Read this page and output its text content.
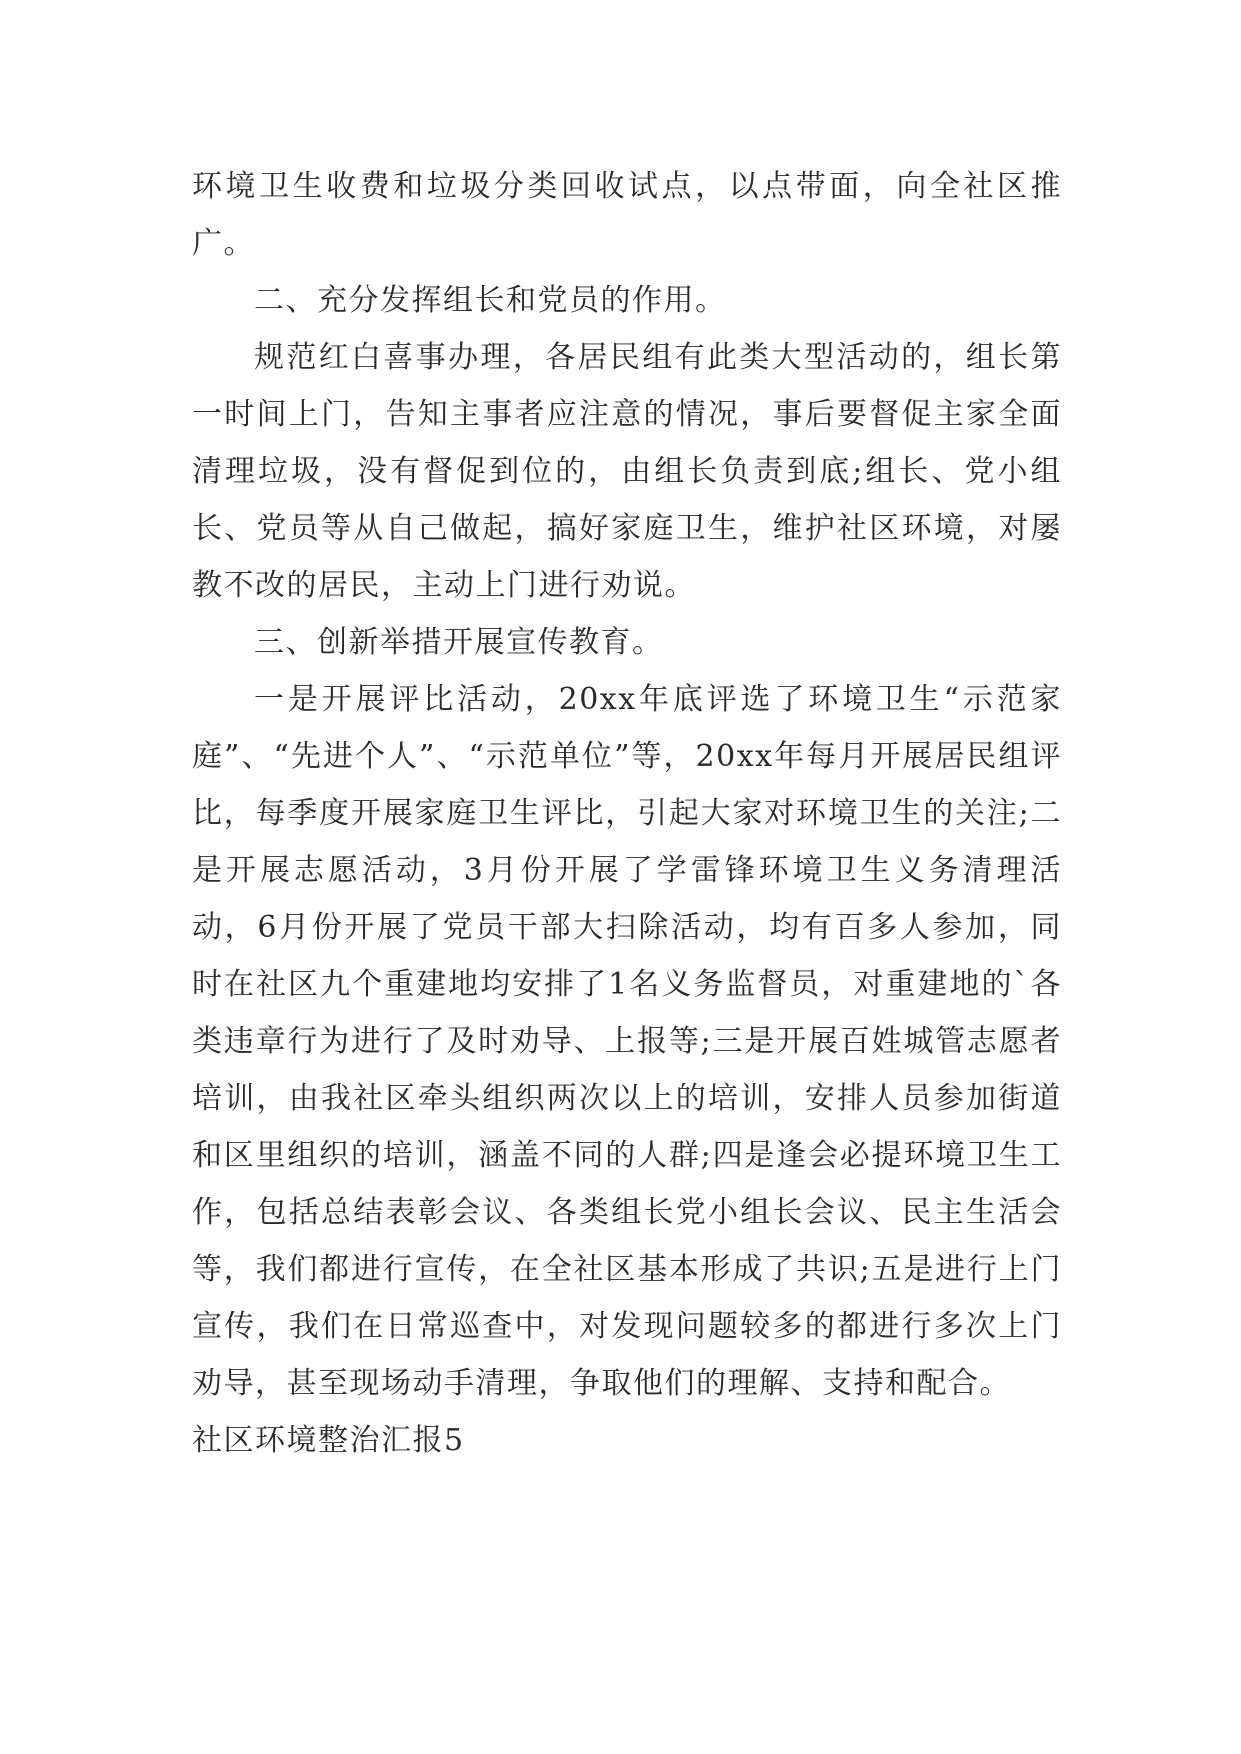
环境卫生收费和垃圾分类回收试点，以点带面，向全社区推广。

二、充分发挥组长和党员的作用。

规范红白喜事办理，各居民组有此类大型活动的，组长第一时间上门，告知主事者应注意的情况，事后要督促主家全面清理垃圾，没有督促到位的，由组长负责到底;组长、党小组长、党员等从自己做起，搞好家庭卫生，维护社区环境，对屡教不改的居民，主动上门进行劝说。

三、创新举措开展宣传教育。

一是开展评比活动，20xx年底评选了环境卫生“示范家庭”、“先进个人”、“示范单位”等，20xx年每月开展居民组评比，每季度开展家庭卫生评比，引起大家对环境卫生的关注;二是开展志愿活动，3月份开展了学雷锋环境卫生义务清理活动，6月份开展了党员干部大扫除活动，均有百多人参加，同时在社区九个重建地均安排了1名义务监督员，对重建地的`各类违章行为进行了及时劝导、上报等;三是开展百姓城管志愿者培训，由我社区牵头组织两次以上的培训，安排人员参加街道和区里组织的培训，涵盖不同的人群;四是逢会必提环境卫生工作，包括总结表彰会议、各类组长党小组长会议、民主生活会等，我们都进行宣传，在全社区基本形成了共识;五是进行上门宣传，我们在日常巡查中，对发现问题较多的都进行多次上门劝导，甚至现场动手清理，争取他们的理解、支持和配合。

社区环境整治汇报5
